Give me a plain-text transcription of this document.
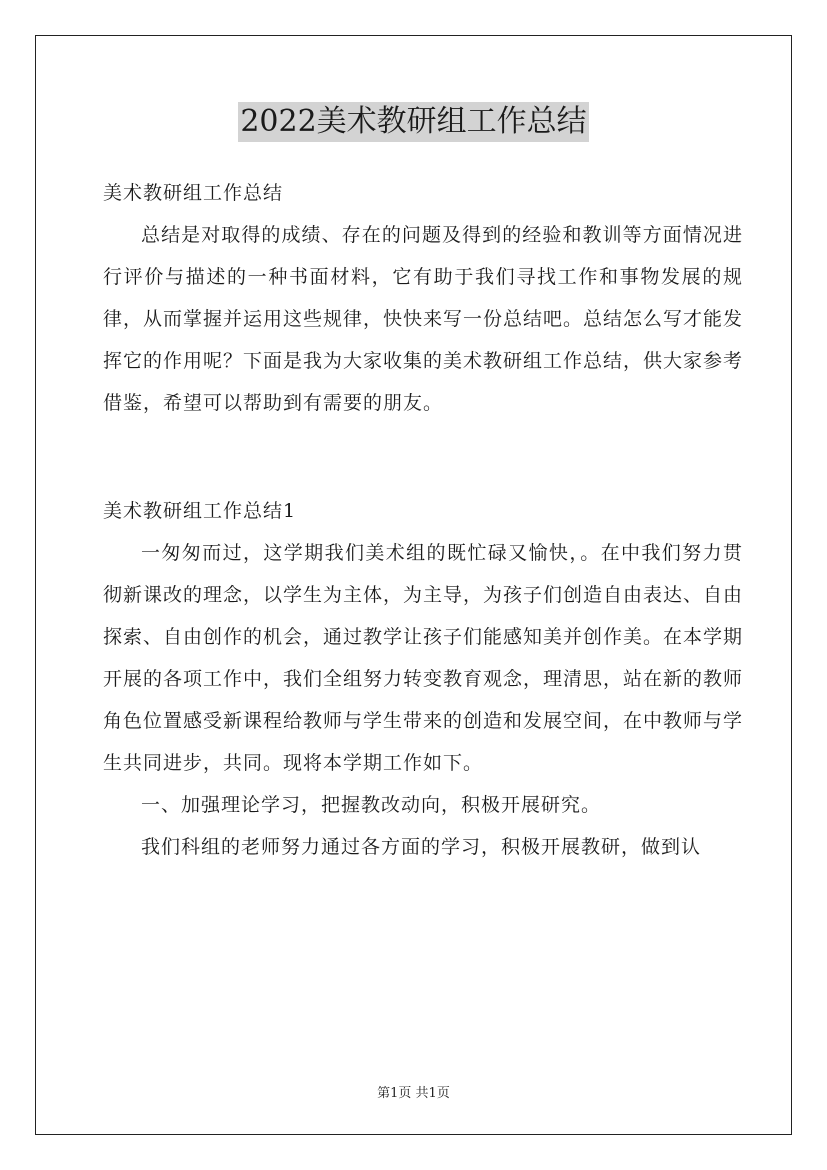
2022美术教研组工作总结

美术教研组工作总结

总结是对取得的成绩、存在的问题及得到的经验和教训等方面情况进行评价与描述的一种书面材料，它有助于我们寻找工作和事物发展的规律，从而掌握并运用这些规律，快快来写一份总结吧。总结怎么写才能发挥它的作用呢？下面是我为大家收集的美术教研组工作总结，供大家参考借鉴，希望可以帮助到有需要的朋友。

美术教研组工作总结1

一匆匆而过，这学期我们美术组的既忙碌又愉快，。在中我们努力贯彻新课改的理念，以学生为主体，为主导，为孩子们创造自由表达、自由探索、自由创作的机会，通过教学让孩子们能感知美并创作美。在本学期开展的各项工作中，我们全组努力转变教育观念，理清思，站在新的教师角色位置感受新课程给教师与学生带来的创造和发展空间，在中教师与学生共同进步，共同。现将本学期工作如下。

一、加强理论学习，把握教改动向，积极开展研究。

我们科组的老师努力通过各方面的学习，积极开展教研，做到认

第1页 共1页
